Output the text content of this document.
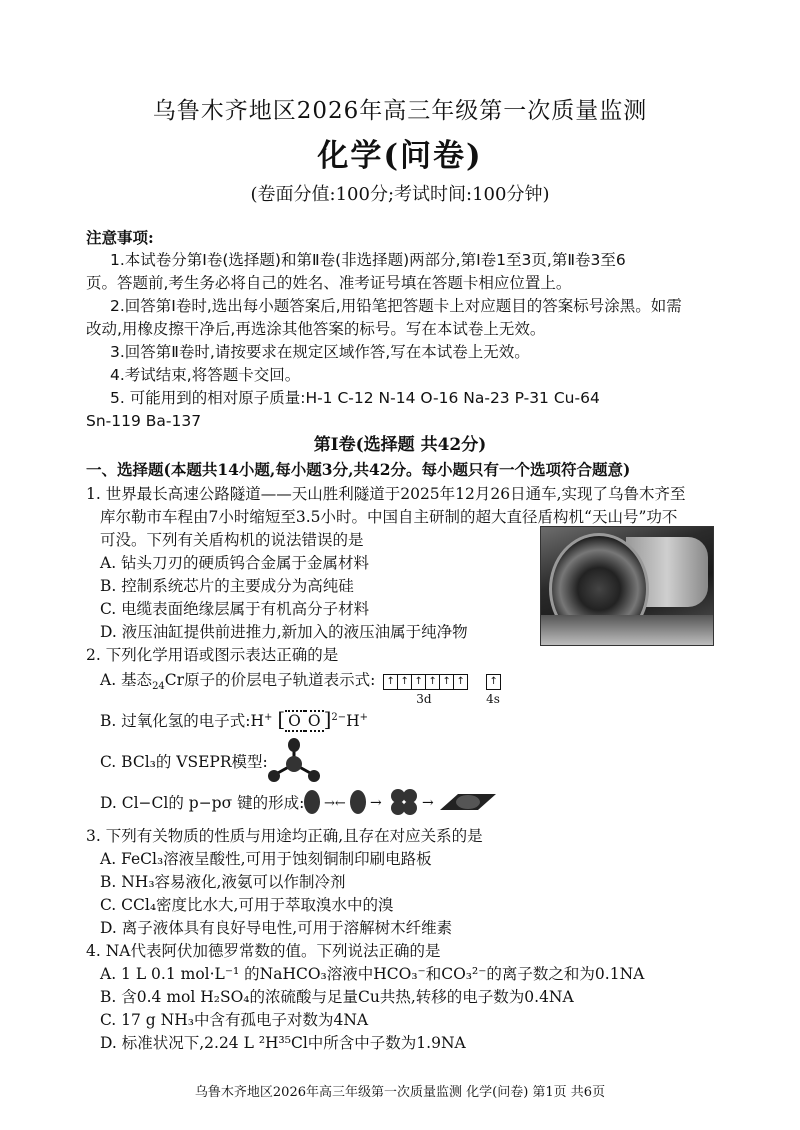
乌鲁木齐地区2026年高三年级第一次质量监测
化学(问卷)
(卷面分值:100分;考试时间:100分钟)
注意事项:
1.本试卷分第Ⅰ卷(选择题)和第Ⅱ卷(非选择题)两部分,第Ⅰ卷1至3页,第Ⅱ卷3至6
页。答题前,考生务必将自己的姓名、准考证号填在答题卡相应位置上。
2.回答第Ⅰ卷时,选出每小题答案后,用铅笔把答题卡上对应题目的答案标号涂黑。如需
改动,用橡皮擦干净后,再选涂其他答案的标号。写在本试卷上无效。
3.回答第Ⅱ卷时,请按要求在规定区域作答,写在本试卷上无效。
4.考试结束,将答题卡交回。
5. 可能用到的相对原子质量:H-1 C-12 N-14 O-16 Na-23 P-31 Cu-64
Sn-119 Ba-137
第Ⅰ卷(选择题 共42分)
一、选择题(本题共14小题,每小题3分,共42分。每小题只有一个选项符合题意)
1. 世界最长高速公路隧道——天山胜利隧道于2025年12月26日通车,实现了乌鲁木齐至
库尔勒市车程由7小时缩短至3.5小时。中国自主研制的超大直径盾构机“天山号”功不
可没。下列有关盾构机的说法错误的是
A. 钻头刀刃的硬质钨合金属于金属材料
B. 控制系统芯片的主要成分为高纯硅
C. 电缆表面绝缘层属于有机高分子材料
D. 液压油缸提供前进推力,新加入的液压油属于纯净物
2. 下列化学用语或图示表达正确的是
A. 基态$_{24}$Cr原子的价层电子轨道表示式: ↑ ↑ ↑ ↑ ↑ ↑
3d
↑
4s
B. 过氧化氢的电子式:H+ [ O O ]$^{2-}$H+
C. BCl₃的 VSEPR模型:
D. Cl−Cl的 p−pσ 键的形成: →← →	→
3. 下列有关物质的性质与用途均正确,且存在对应关系的是
A. FeCl₃溶液呈酸性,可用于蚀刻铜制印刷电路板
B. NH₃容易液化,液氨可以作制冷剂
C. CCl₄密度比水大,可用于萃取溴水中的溴
D. 离子液体具有良好导电性,可用于溶解树木纤维素
4. NA代表阿伏加德罗常数的值。下列说法正确的是
A. 1 L 0.1 mol·L⁻¹ 的NaHCO₃溶液中HCO₃⁻和CO₃²⁻的离子数之和为0.1NA
B. 含0.4 mol H₂SO₄的浓硫酸与足量Cu共热,转移的电子数为0.4NA
C. 17 g NH₃中含有孤电子对数为4NA
D. 标准状况下,2.24 L ²H³⁵Cl中所含中子数为1.9NA
乌鲁木齐地区2026年高三年级第一次质量监测 化学(问卷) 第1页 共6页
